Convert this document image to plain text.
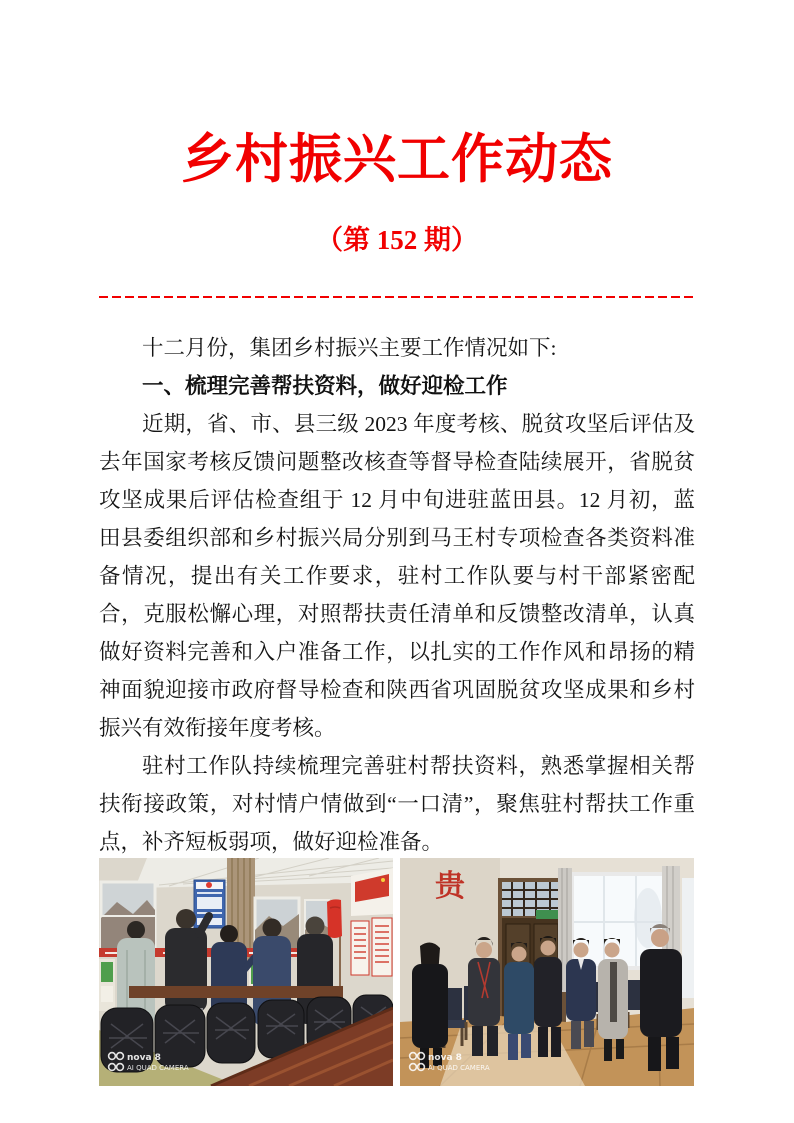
乡村振兴工作动态
（第 152 期）

十二月份，集团乡村振兴主要工作情况如下:

一、梳理完善帮扶资料，做好迎检工作

近期，省、市、县三级 2023 年度考核、脱贫攻坚后评估及去年国家考核反馈问题整改核查等督导检查陆续展开，省脱贫攻坚成果后评估检查组于 12 月中旬进驻蓝田县。12 月初，蓝田县委组织部和乡村振兴局分别到马王村专项检查各类资料准备情况，提出有关工作要求，驻村工作队要与村干部紧密配合，克服松懈心理，对照帮扶责任清单和反馈整改清单，认真做好资料完善和入户准备工作，以扎实的工作作风和昂扬的精神面貌迎接市政府督导检查和陕西省巩固脱贫攻坚成果和乡村振兴有效衔接年度考核。

驻村工作队持续梳理完善驻村帮扶资料，熟悉掌握相关帮扶衔接政策，对村情户情做到“一口清”，聚焦驻村帮扶工作重点，补齐短板弱项，做好迎检准备。

nova 8
AI QUAD CAMERA
贵
nova 8
AI QUAD CAMERA
